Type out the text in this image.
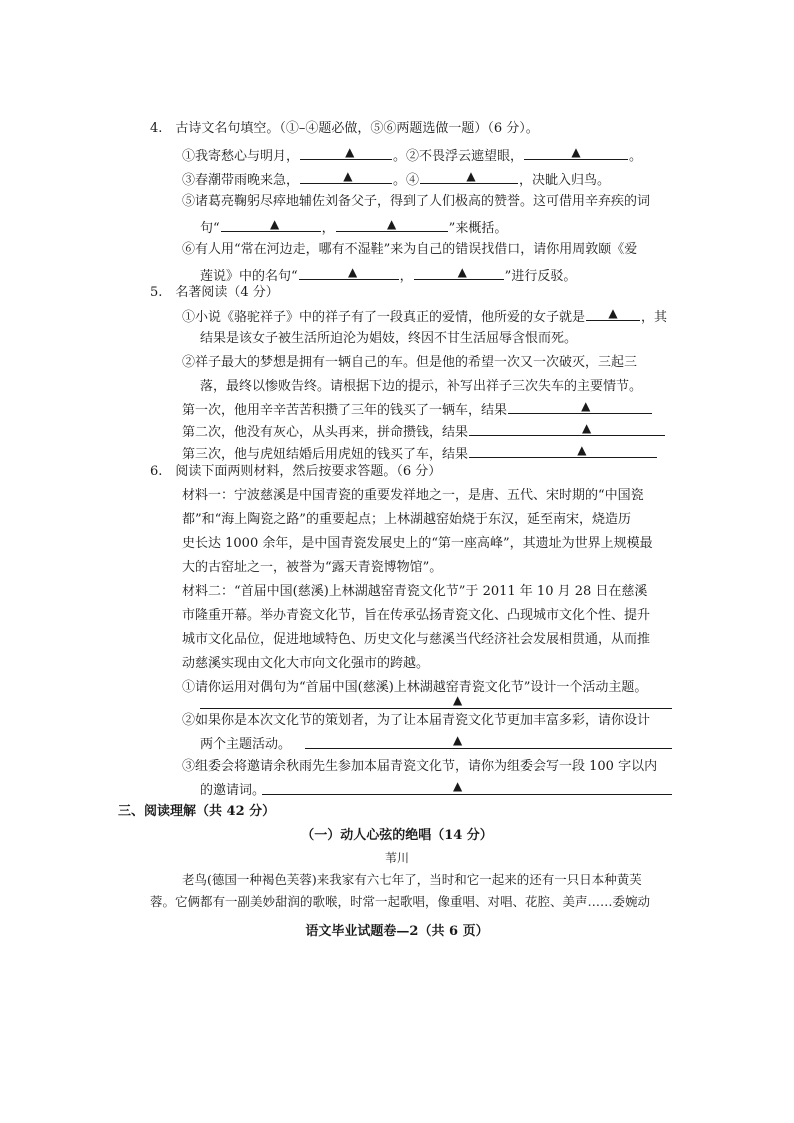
4.　古诗文名句填空。（①–④题必做，⑤⑥两题选做一题）（6 分）。
①我寄愁心与明月，	▲	。②不畏浮云遮望眼，	▲	。
③春潮带雨晚来急，	▲	。④	▲	，决眦入归鸟。
⑤诸葛亮鞠躬尽瘁地辅佐刘备父子，得到了人们极高的赞誉。这可借用辛弃疾的词
句“	▲	，	▲	”来概括。
⑥有人用“常在河边走，哪有不湿鞋”来为自己的错误找借口，请你用周敦颐《爱
莲说》中的名句“	▲	，	▲	”进行反驳。
5.　名著阅读（4 分）
①小说《骆驼祥子》中的祥子有了一段真正的爱情，他所爱的女子就是 ▲ ，其
结果是该女子被生活所迫沦为娼妓，终因不甘生活屈辱含恨而死。
②祥子最大的梦想是拥有一辆自己的车。但是他的希望一次又一次破灭，三起三
落，最终以惨败告终。请根据下边的提示，补写出祥子三次失车的主要情节。
第一次，他用辛辛苦苦积攒了三年的钱买了一辆车，结果	▲
第二次，他没有灰心，从头再来，拼命攒钱，结果	▲
第三次，他与虎妞结婚后用虎妞的钱买了车，结果	▲
6.　阅读下面两则材料，然后按要求答题。（6 分）
材料一：宁波慈溪是中国青瓷的重要发祥地之一，是唐、五代、宋时期的“中国瓷
都”和“海上陶瓷之路”的重要起点；上林湖越窑始烧于东汉，延至南宋，烧造历
史长达 1000 余年，是中国青瓷发展史上的“第一座高峰”，其遗址为世界上规模最
大的古窑址之一，被誉为“露天青瓷博物馆”。
材料二：“首届中国(慈溪)上林湖越窑青瓷文化节”于 2011 年 10 月 28 日在慈溪
市隆重开幕。举办青瓷文化节，旨在传承弘扬青瓷文化、凸现城市文化个性、提升
城市文化品位，促进地域特色、历史文化与慈溪当代经济社会发展相贯通，从而推
动慈溪实现由文化大市向文化强市的跨越。
①请你运用对偶句为“首届中国(慈溪)上林湖越窑青瓷文化节”设计一个活动主题。
▲
②如果你是本次文化节的策划者，为了让本届青瓷文化节更加丰富多彩，请你设计
两个主题活动。	▲
③组委会将邀请余秋雨先生参加本届青瓷文化节，请你为组委会写一段 100 字以内
的邀请词。	▲
三、阅读理解（共 42 分）
（一）动人心弦的绝唱（14 分）
苇川
老鸟(德国一种褐色芙蓉)来我家有六七年了，当时和它一起来的还有一只日本种黄芙
蓉。它俩都有一副美妙甜润的歌喉，时常一起歌唱，像重唱、对唱、花腔、美声……委婉动
语文毕业试题卷—2（共 6 页）
